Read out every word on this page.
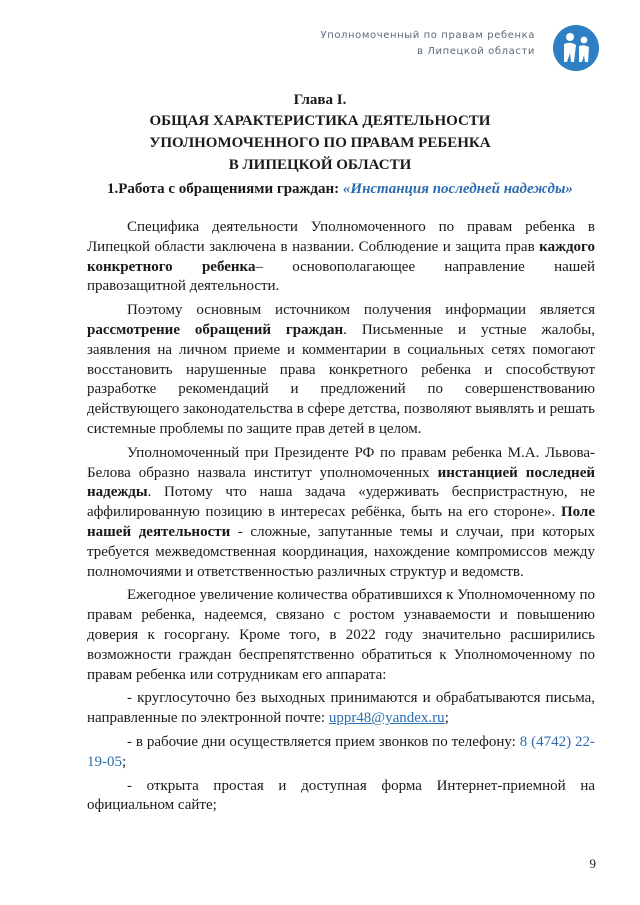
Уполномоченный по правам ребенка
в Липецкой области
Глава I.
ОБЩАЯ ХАРАКТЕРИСТИКА ДЕЯТЕЛЬНОСТИ
УПОЛНОМОЧЕННОГО ПО ПРАВАМ РЕБЕНКА
В ЛИПЕЦКОЙ ОБЛАСТИ
1.Работа с обращениями граждан: «Инстанция последней надежды»

Специфика деятельности Уполномоченного по правам ребенка в Липецкой области заключена в названии. Соблюдение и защита прав каждого конкретного ребенка– основополагающее направление нашей правозащитной деятельности.

Поэтому основным источником получения информации является рассмотрение обращений граждан. Письменные и устные жалобы, заявления на личном приеме и комментарии в социальных сетях помогают восстановить нарушенные права конкретного ребенка и способствуют разработке рекомендаций и предложений по совершенствованию действующего законодательства в сфере детства, позволяют выявлять и решать системные проблемы по защите прав детей в целом.

Уполномоченный при Президенте РФ по правам ребенка М.А. Львова-Белова образно назвала институт уполномоченных инстанцией последней надежды. Потому что наша задача «удерживать беспристрастную, не аффилированную позицию в интересах ребёнка, быть на его стороне». Поле нашей деятельности - сложные, запутанные темы и случаи, при которых требуется межведомственная координация, нахождение компромиссов между полномочиями и ответственностью различных структур и ведомств.

Ежегодное увеличение количества обратившихся к Уполномоченному по правам ребенка, надеемся, связано с ростом узнаваемости и повышению доверия к госоргану. Кроме того, в 2022 году значительно расширились возможности граждан беспрепятственно обратиться к Уполномоченному по правам ребенка или сотрудникам его аппарата:

- круглосуточно без выходных принимаются и обрабатываются письма, направленные по электронной почте: uppr48@yandex.ru;

- в рабочие дни осуществляется прием звонков по телефону: 8 (4742) 22-19-05;

- открыта простая и доступная форма Интернет-приемной на официальном сайте;

9
